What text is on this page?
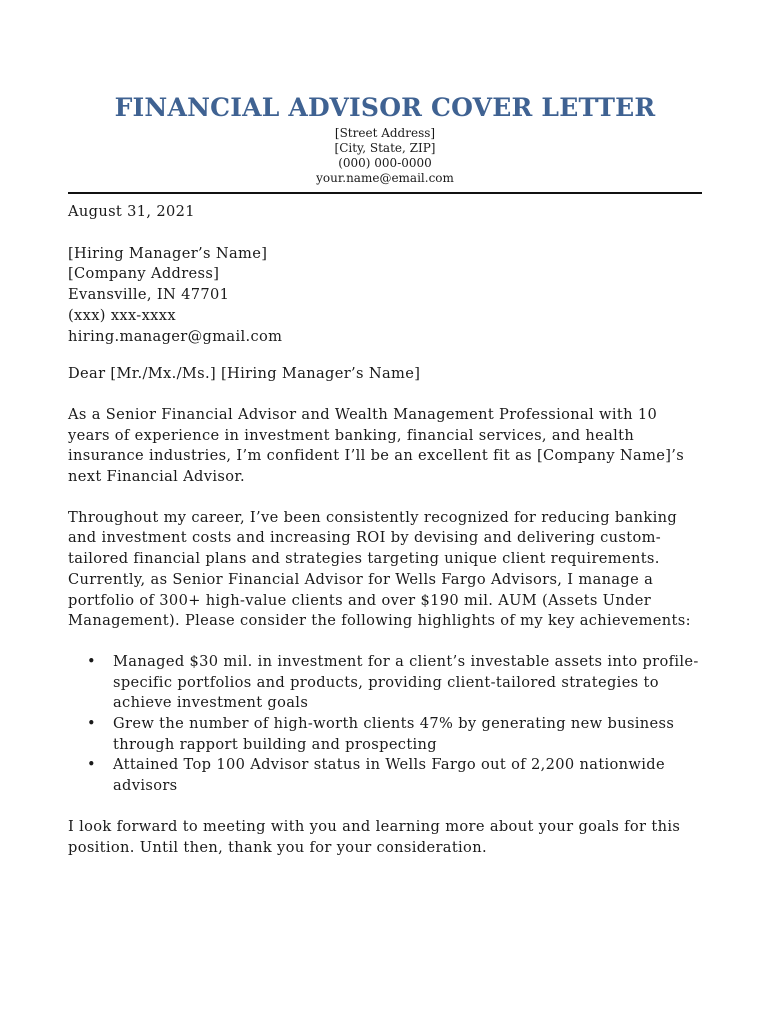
FINANCIAL ADVISOR COVER LETTER
[Street Address]
[City, State, ZIP]
(000) 000-0000
your.name@email.com
August 31, 2021
[Hiring Manager’s Name]
[Company Address]
Evansville, IN 47701
(xxx) xxx-xxxx
hiring.manager@gmail.com
Dear [Mr./Mx./Ms.] [Hiring Manager’s Name]
As a Senior Financial Advisor and Wealth Management Professional with 10 years of experience in investment banking, financial services, and health insurance industries, I’m confident I’ll be an excellent fit as [Company Name]’s next Financial Advisor.
Throughout my career, I’ve been consistently recognized for reducing banking and investment costs and increasing ROI by devising and delivering custom-tailored financial plans and strategies targeting unique client requirements. Currently, as Senior Financial Advisor for Wells Fargo Advisors, I manage a portfolio of 300+ high-value clients and over $190 mil. AUM (Assets Under Management). Please consider the following highlights of my key achievements:
• Managed $30 mil. in investment for a client’s investable assets into profile-specific portfolios and products, providing client-tailored strategies to achieve investment goals
• Grew the number of high-worth clients 47% by generating new business through rapport building and prospecting
• Attained Top 100 Advisor status in Wells Fargo out of 2,200 nationwide advisors
I look forward to meeting with you and learning more about your goals for this position. Until then, thank you for your consideration.
